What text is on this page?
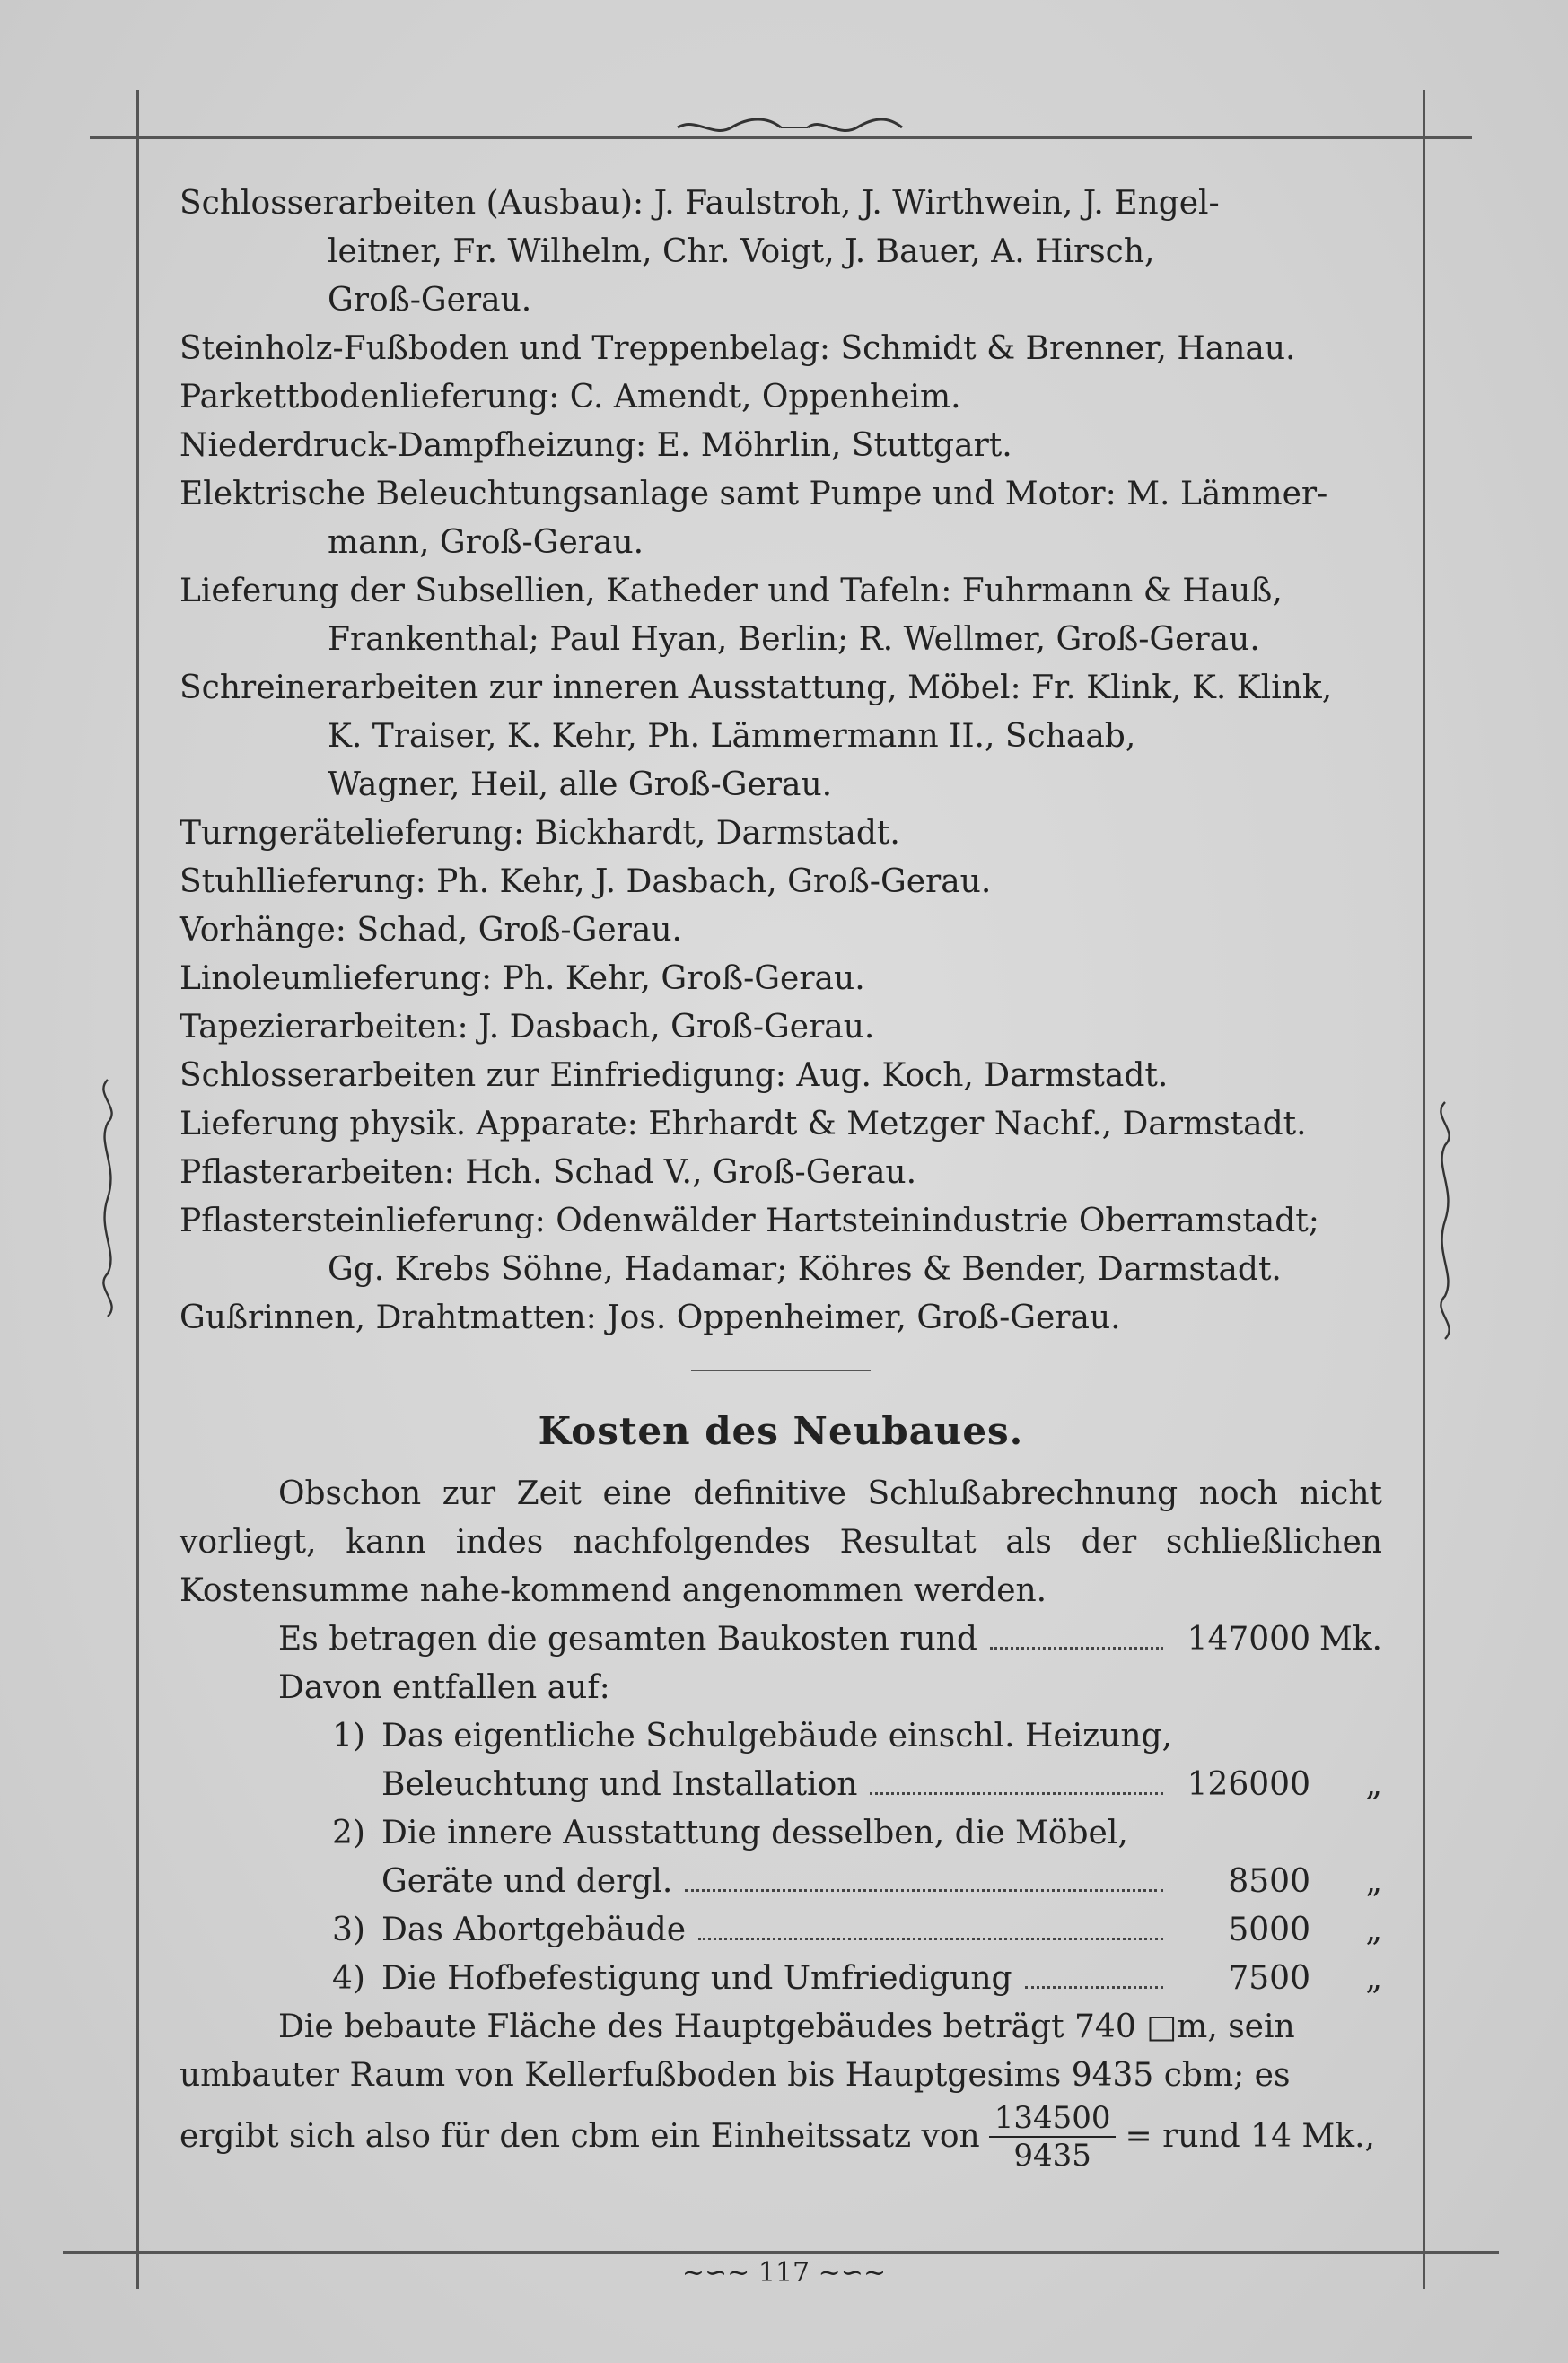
Schlosserarbeiten (Ausbau): J. Faulstroh, J. Wirthwein, J. Engel-
leitner, Fr. Wilhelm, Chr. Voigt, J. Bauer, A. Hirsch,
Groß-Gerau.

Steinholz-Fußboden und Treppenbelag: Schmidt & Brenner, Hanau.

Parkettbodenlieferung: C. Amendt, Oppenheim.

Niederdruck-Dampfheizung: E. Möhrlin, Stuttgart.

Elektrische Beleuchtungsanlage samt Pumpe und Motor: M. Lämmer-
mann, Groß-Gerau.

Lieferung der Subsellien, Katheder und Tafeln: Fuhrmann & Hauß,
Frankenthal; Paul Hyan, Berlin; R. Wellmer, Groß-Gerau.

Schreinerarbeiten zur inneren Ausstattung, Möbel: Fr. Klink, K. Klink,
K. Traiser, K. Kehr, Ph. Lämmermann II., Schaab,
Wagner, Heil, alle Groß-Gerau.

Turngerätelieferung: Bickhardt, Darmstadt.

Stuhllieferung: Ph. Kehr, J. Dasbach, Groß-Gerau.

Vorhänge: Schad, Groß-Gerau.

Linoleumlieferung: Ph. Kehr, Groß-Gerau.

Tapezierarbeiten: J. Dasbach, Groß-Gerau.

Schlosserarbeiten zur Einfriedigung: Aug. Koch, Darmstadt.

Lieferung physik. Apparate: Ehrhardt & Metzger Nachf., Darmstadt.

Pflasterarbeiten: Hch. Schad V., Groß-Gerau.

Pflastersteinlieferung: Odenwälder Hartsteinindustrie Oberramstadt;
Gg. Krebs Söhne, Hadamar; Köhres & Bender, Darmstadt.

Gußrinnen, Drahtmatten: Jos. Oppenheimer, Groß-Gerau.

Kosten des Neubaues.

Obschon zur Zeit eine definitive Schlußabrechnung noch nicht vorliegt, kann indes nachfolgendes Resultat als der schließlichen Kostensumme nahe-kommend angenommen werden.

Es betragen die gesamten Baukosten rund	147000 Mk.

Davon entfallen auf:

1) Das eigentliche Schulgebäude einschl. Heizung,
Beleuchtung und Installation	126000	„
2) Die innere Ausstattung desselben, die Möbel,
Geräte und dergl.	8500	„
3) Das Abortgebäude	5000	„
4) Die Hofbefestigung und Umfriedigung	7500	„

Die bebaute Fläche des Hauptgebäudes beträgt 740 □m, sein

umbauter Raum von Kellerfußboden bis Hauptgesims 9435 cbm; es

ergibt sich also für den cbm ein Einheitssatz von $\frac{134500}{9435}$ = rund 14 Mk.,

~∽~ 117 ~∽~
